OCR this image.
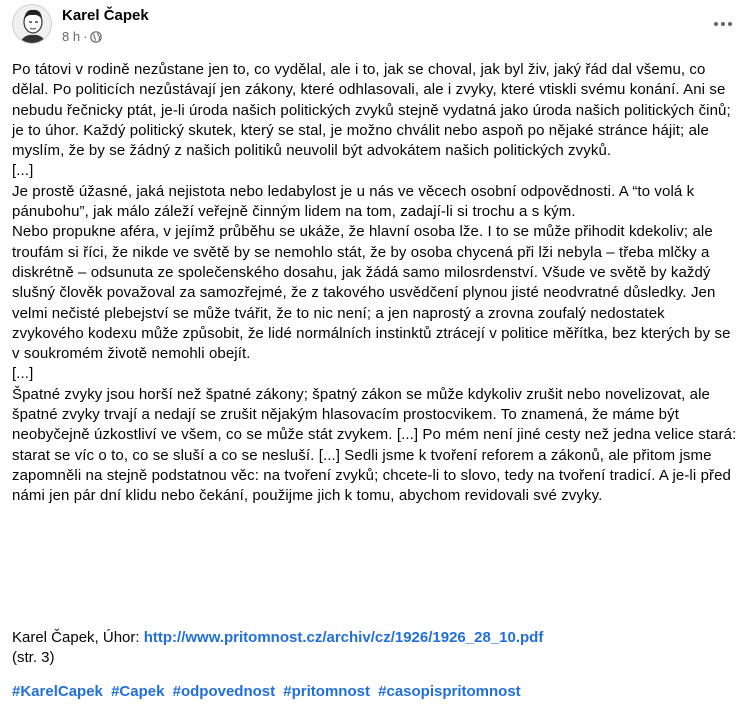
Karel Čapek
8 h ·

Po tátovi v rodině nezůstane jen to, co vydělal, ale i to, jak se choval, jak byl živ, jaký řád dal všemu, co dělal. Po politicích nezůstávají jen zákony, které odhlasovali, ale i zvyky, které vtiskli svému konání. Ani se nebudu řečnicky ptát, je-li úroda našich politických zvyků stejně vydatná jako úroda našich politických činů; je to úhor. Každý politický skutek, který se stal, je možno chválit nebo aspoň po nějaké stránce hájit; ale myslím, že by se žádný z našich politiků neuvolil být advokátem našich politických zvyků.

[...]

Je prostě úžasné, jaká nejistota nebo ledabylost je u nás ve věcech osobní odpovědnosti. A “to volá k pánubohu”, jak málo záleží veřejně činným lidem na tom, zadají-li si trochu a s kým.

Nebo propukne aféra, v jejímž průběhu se ukáže, že hlavní osoba lže. I to se může přihodit kdekoliv; ale troufám si říci, že nikde ve světě by se nemohlo stát, že by osoba chycená při lži nebyla – třeba mlčky a diskrétně – odsunuta ze společenského dosahu, jak žádá samo milosrdenství. Všude ve světě by každý slušný člověk považoval za samozřejmé, že z takového usvědčení plynou jisté neodvratné důsledky. Jen velmi nečisté plebejství se může tvářit, že to nic není; a jen naprostý a zrovna zoufalý nedostatek zvykového kodexu může způsobit, že lidé normálních instinktů ztrácejí v politice měřítka, bez kterých by se v soukromém životě nemohli obejít.

[...]

Špatné zvyky jsou horší než špatné zákony; špatný zákon se může kdykoliv zrušit nebo novelizovat, ale špatné zvyky trvají a nedají se zrušit nějakým hlasovacím prostocvikem. To znamená, že máme být neobyčejně úzkostliví ve všem, co se může stát zvykem. [...] Po mém není jiné cesty než jedna velice stará: starat se víc o to, co se sluší a co se nesluší. [...] Sedli jsme k tvoření reforem a zákonů, ale přitom jsme zapomněli na stejně podstatnou věc: na tvoření zvyků; chcete-li to slovo, tedy na tvoření tradicí. A je-li před námi jen pár dní klidu nebo čekání, použijme jich k tomu, abychom revidovali své zvyky.

Karel Čapek, Úhor: http://www.pritomnost.cz/archiv/cz/1926/1926_28_10.pdf
(str. 3)
#KarelCapek #Capek #odpovednost #pritomnost #casopispritomnost
